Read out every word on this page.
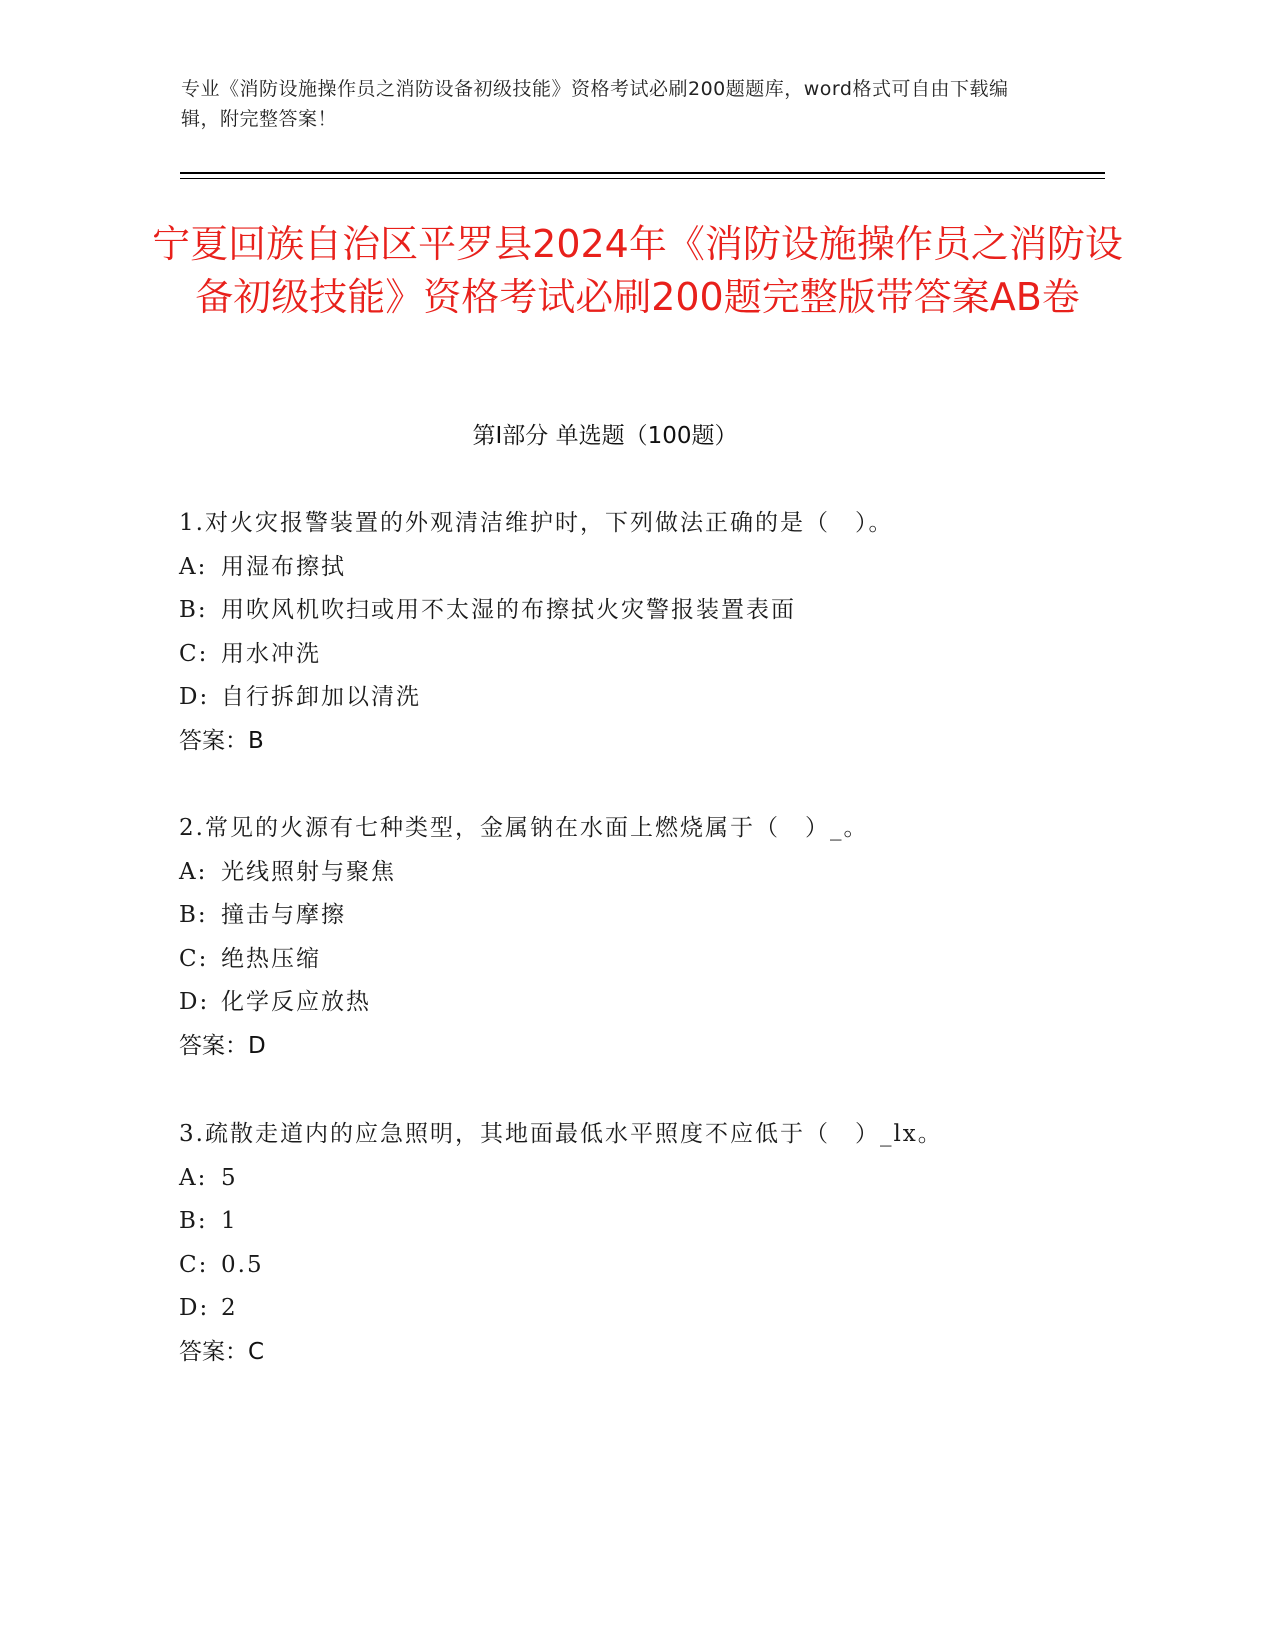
专业《消防设施操作员之消防设备初级技能》资格考试必刷200题题库，word格式可自由下载编辑，附完整答案！
宁夏回族自治区平罗县2024年《消防设施操作员之消防设备初级技能》资格考试必刷200题完整版带答案AB卷
第Ⅰ部分 单选题（100题）
1.对火灾报警装置的外观清洁维护时，下列做法正确的是（　）。
A: 用湿布擦拭
B: 用吹风机吹扫或用不太湿的布擦拭火灾警报装置表面
C: 用水冲洗
D: 自行拆卸加以清洗
答案：B
2.常见的火源有七种类型，金属钠在水面上燃烧属于（　）_。
A: 光线照射与聚焦
B: 撞击与摩擦
C: 绝热压缩
D: 化学反应放热
答案：D
3.疏散走道内的应急照明，其地面最低水平照度不应低于（　）_lx。
A: 5
B: 1
C: 0.5
D: 2
答案：C
